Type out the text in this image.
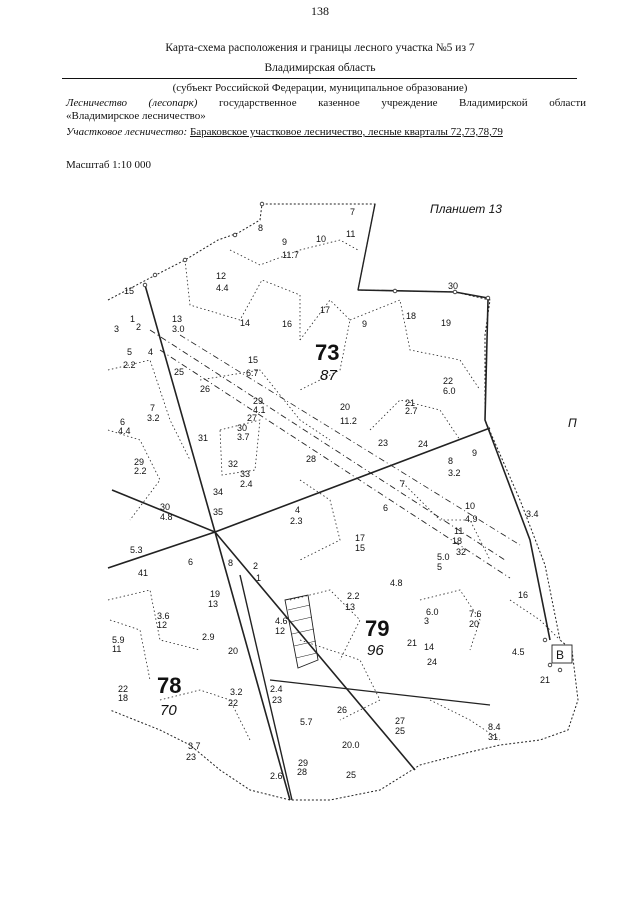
138
Карта-схема расположения и границы лесного участка №5 из 7
Владимирская область
(субъект Российской Федерации, муниципальное образование)
Лесничество (лесопарк) государственное казенное учреждение Владимирской области
«Владимирское лесничество»
Участковое лесничество: Бараковское участковое лесничество, лесные кварталы 72,73,78,79
Масштаб 1:10 000
Планшет 13
П
В
73
87
79
96
78
70
7
8
9
11.7
10 11
12
4.4
15
13
3.0
14	16
17
9
18
19
30
1
2
3
5
2.2
4
25
15
6.7
26
22
6.0
29
4.1
27
7
3.2
30
3.7
20
11.2
21
2.7
6
4.4
31
32
33
2.4
28
23	24
8
3.2
9
29
2.2
34
35
7
30
4.8
4
2.3
6	10
4.9
11
18
3.4
32
17
15
5.0
5
5.3
41
6	8 2
1	4.8
16
19
13
2.2
13	6.0
3
7.6
20
3.6
12	4.6
12
5.9
11
2.9
20
21 14
24
4.5
21
22
18
3.2
22
2.4
23
5.7
26
27
25	8.4
31
3.7
23
20.0
29
28
2.6	25
